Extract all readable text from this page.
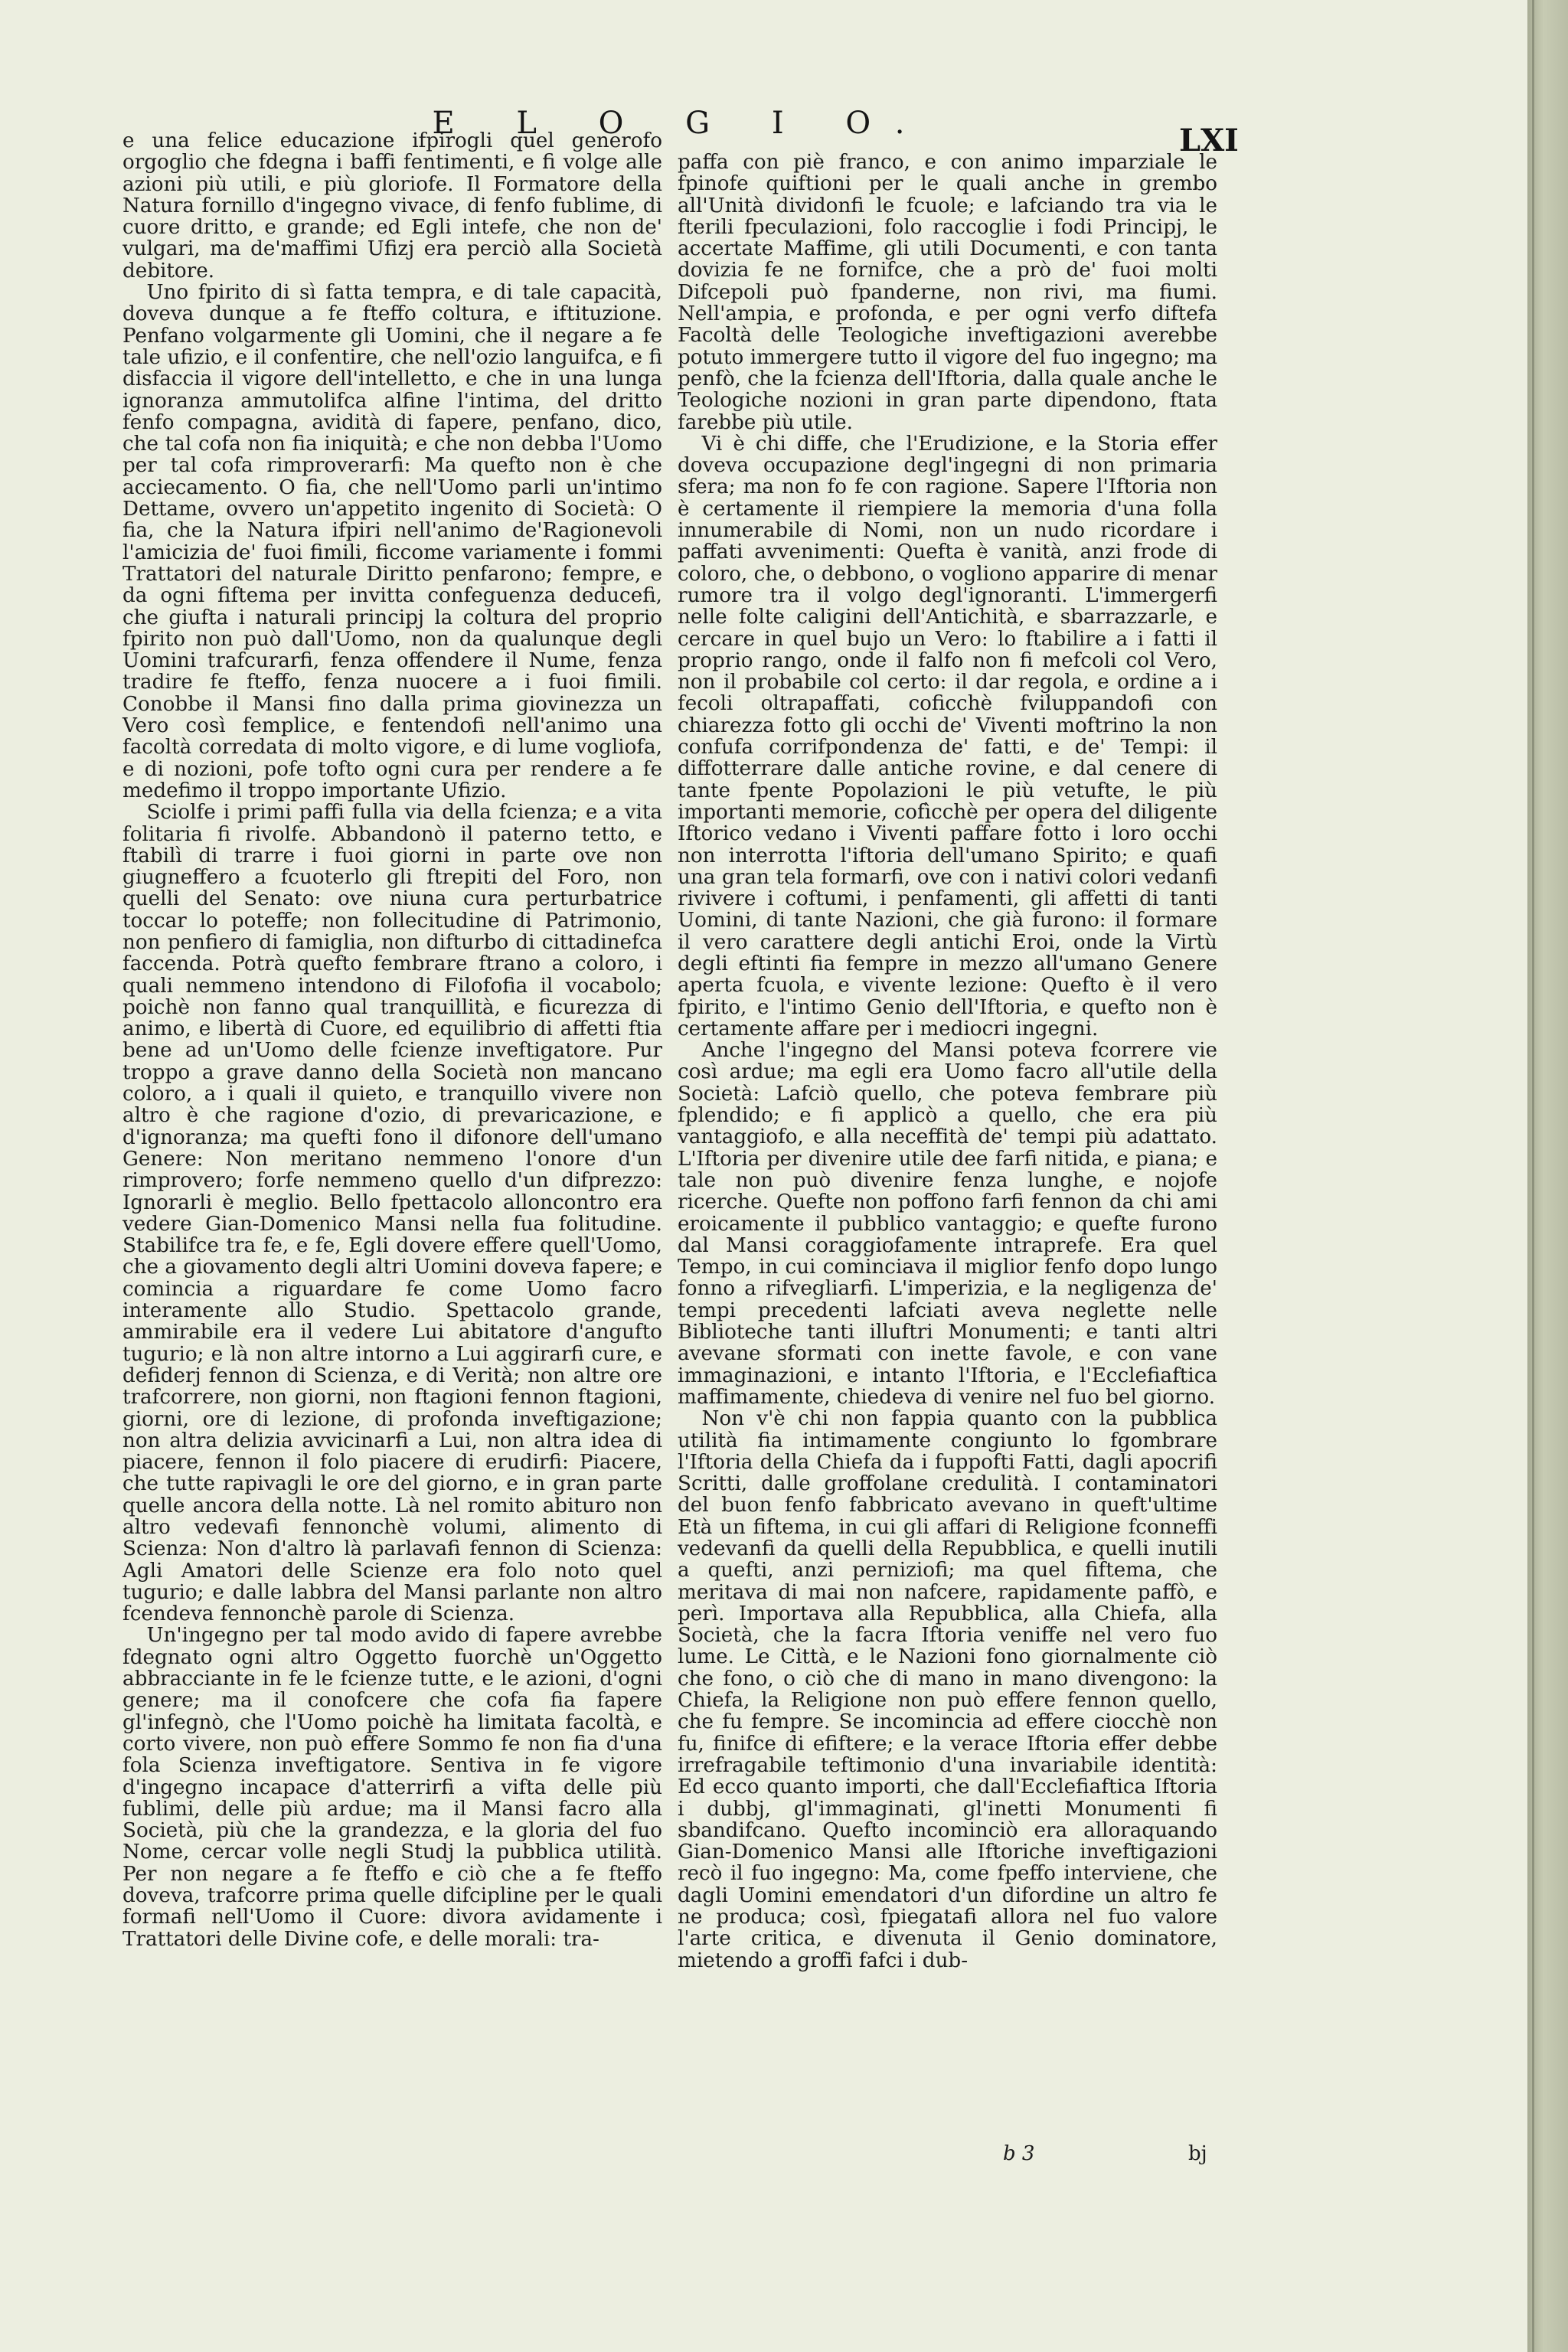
E L O G I O.	LXI

e una felice educazione ifpirogli quel generofo orgoglio che fdegna i baffi fentimenti, e fi volge alle azioni più utili, e più gloriofe. Il Formatore della Natura fornillo d'ingegno vivace, di fenfo fublime, di cuore dritto, e grande; ed Egli intefe, che non de' vulgari, ma de'maffimi Ufizj era perciò alla Società debitore.

Uno fpirito di sì fatta tempra, e di tale capacità, doveva dunque a fe fteffo coltura, e iftituzione. Penfano volgarmente gli Uomini, che il negare a fe tale ufizio, e il confentire, che nell'ozio languifca, e fi disfaccia il vigore dell'intelletto, e che in una lunga ignoranza ammutolifca alfine l'intima, del dritto fenfo compagna, avidità di fapere, penfano, dico, che tal cofa non fia iniquità; e che non debba l'Uomo per tal cofa rimproverarfi: Ma quefto non è che acciecamento. O fia, che nell'Uomo parli un'intimo Dettame, ovvero un'appetito ingenito di Società: O fia, che la Natura ifpiri nell'animo de'Ragionevoli l'amicizia de' fuoi fimili, ficcome variamente i fommi Trattatori del naturale Diritto penfarono; fempre, e da ogni fiftema per invitta confeguenza deducefi, che giufta i naturali principj la coltura del proprio fpirito non può dall'Uomo, non da qualunque degli Uomini trafcurarfi, fenza offendere il Nume, fenza tradire fe fteffo, fenza nuocere a i fuoi fimili. Conobbe il Mansi fino dalla prima giovinezza un Vero così femplice, e fentendofi nell'animo una facoltà corredata di molto vigore, e di lume vogliofa, e di nozioni, pofe tofto ogni cura per rendere a fe medefimo il troppo importante Ufizio.

Sciolfe i primi paffi fulla via della fcienza; e a vita folitaria fi rivolfe. Abbandonò il paterno tetto, e ftabilì di trarre i fuoi giorni in parte ove non giugneffero a fcuoterlo gli ftrepiti del Foro, non quelli del Senato: ove niuna cura perturbatrice toccar lo poteffe; non follecitudine di Patrimonio, non penfiero di famiglia, non difturbo di cittadinefca faccenda. Potrà quefto fembrare ftrano a coloro, i quali nemmeno intendono di Filofofia il vocabolo; poichè non fanno qual tranquillità, e ficurezza di animo, e libertà di Cuore, ed equilibrio di affetti ftia bene ad un'Uomo delle fcienze inveftigatore. Pur troppo a grave danno della Società non mancano coloro, a i quali il quieto, e tranquillo vivere non altro è che ragione d'ozio, di prevaricazione, e d'ignoranza; ma quefti fono il difonore dell'umano Genere: Non meritano nemmeno l'onore d'un rimprovero; forfe nemmeno quello d'un difprezzo: Ignorarli è meglio. Bello fpettacolo alloncontro era vedere Gian-Domenico Mansi nella fua folitudine. Stabilifce tra fe, e fe, Egli dovere effere quell'Uomo, che a giovamento degli altri Uomini doveva fapere; e comincia a riguardare fe come Uomo facro interamente allo Studio. Spettacolo grande, ammirabile era il vedere Lui abitatore d'angufto tugurio; e là non altre intorno a Lui aggirarfi cure, e defiderj fennon di Scienza, e di Verità; non altre ore trafcorrere, non giorni, non ftagioni fennon ftagioni, giorni, ore di lezione, di profonda inveftigazione; non altra delizia avvicinarfi a Lui, non altra idea di piacere, fennon il folo piacere di erudirfi: Piacere, che tutte rapivagli le ore del giorno, e in gran parte quelle ancora della notte. Là nel romito abituro non altro vedevafi fennonchè volumi, alimento di Scienza: Non d'altro là parlavafi fennon di Scienza: Agli Amatori delle Scienze era folo noto quel tugurio; e dalle labbra del Mansi parlante non altro fcendeva fennonchè parole di Scienza.

Un'ingegno per tal modo avido di fapere avrebbe fdegnato ogni altro Oggetto fuorchè un'Oggetto abbracciante in fe le fcienze tutte, e le azioni, d'ogni genere; ma il conofcere che cofa fia fapere gl'infegnò, che l'Uomo poichè ha limitata facoltà, e corto vivere, non può effere Sommo fe non fia d'una fola Scienza inveftigatore. Sentiva in fe vigore d'ingegno incapace d'atterrirfi a vifta delle più fublimi, delle più ardue; ma il Mansi facro alla Società, più che la grandezza, e la gloria del fuo Nome, cercar volle negli Studj la pubblica utilità. Per non negare a fe fteffo e ciò che a fe fteffo doveva, trafcorre prima quelle difcipline per le quali formafi nell'Uomo il Cuore: divora avidamente i Trattatori delle Divine cofe, e delle morali: tra-

paffa con piè franco, e con animo imparziale le fpinofe quiftioni per le quali anche in grembo all'Unità dividonfi le fcuole; e lafciando tra via le fterili fpeculazioni, folo raccoglie i fodi Principj, le accertate Maffime, gli utili Documenti, e con tanta dovizia fe ne fornifce, che a prò de' fuoi molti Difcepoli può fpanderne, non rivi, ma fiumi. Nell'ampia, e profonda, e per ogni verfo diftefa Facoltà delle Teologiche inveftigazioni averebbe potuto immergere tutto il vigore del fuo ingegno; ma penfò, che la fcienza dell'Iftoria, dalla quale anche le Teologiche nozioni in gran parte dipendono, ftata farebbe più utile.

Vi è chi diffe, che l'Erudizione, e la Storia effer doveva occupazione degl'ingegni di non primaria sfera; ma non fo fe con ragione. Sapere l'Iftoria non è certamente il riempiere la memoria d'una folla innumerabile di Nomi, non un nudo ricordare i paffati avvenimenti: Quefta è vanità, anzi frode di coloro, che, o debbono, o vogliono apparire di menar rumore tra il volgo degl'ignoranti. L'immergerfi nelle folte caligini dell'Antichità, e sbarrazzarle, e cercare in quel bujo un Vero: lo ftabilire a i fatti il proprio rango, onde il falfo non fi mefcoli col Vero, non il probabile col certo: il dar regola, e ordine a i fecoli oltrapaffati, coficchè fviluppandofi con chiarezza fotto gli occhi de' Viventi moftrino la non confufa corrifpondenza de' fatti, e de' Tempi: il diffotterrare dalle antiche rovine, e dal cenere di tante fpente Popolazioni le più vetufte, le più importanti memorie, cofìcchè per opera del diligente Iftorico vedano i Viventi paffare fotto i loro occhi non interrotta l'iftoria dell'umano Spirito; e quafi una gran tela formarfi, ove con i nativi colori vedanfi rivivere i coftumi, i penfamenti, gli affetti di tanti Uomini, di tante Nazioni, che già furono: il formare il vero carattere degli antichi Eroi, onde la Virtù degli eftinti fia fempre in mezzo all'umano Genere aperta fcuola, e vivente lezione: Quefto è il vero fpirito, e l'intimo Genio dell'Iftoria, e quefto non è certamente affare per i mediocri ingegni.

Anche l'ingegno del Mansi poteva fcorrere vie così ardue; ma egli era Uomo facro all'utile della Società: Lafciò quello, che poteva fembrare più fplendido; e fi applicò a quello, che era più vantaggiofo, e alla neceffità de' tempi più adattato. L'Iftoria per divenire utile dee farfi nitida, e piana; e tale non può divenire fenza lunghe, e nojofe ricerche. Quefte non poffono farfi fennon da chi ami eroicamente il pubblico vantaggio; e quefte furono dal Mansi coraggiofamente intraprefe. Era quel Tempo, in cui cominciava il miglior fenfo dopo lungo fonno a rifvegliarfi. L'imperizia, e la negligenza de' tempi precedenti lafciati aveva neglette nelle Biblioteche tanti illuftri Monumenti; e tanti altri avevane sformati con inette favole, e con vane immaginazioni, e intanto l'Iftoria, e l'Ecclefiaftica maffimamente, chiedeva di venire nel fuo bel giorno.

Non v'è chi non fappia quanto con la pubblica utilità fia intimamente congiunto lo fgombrare l'Iftoria della Chiefa da i fuppofti Fatti, dagli apocrifi Scritti, dalle groffolane credulità. I contaminatori del buon fenfo fabbricato avevano in queft'ultime Età un fiftema, in cui gli affari di Religione fconneffi vedevanfi da quelli della Repubblica, e quelli inutili a quefti, anzi perniziofi; ma quel fiftema, che meritava di mai non nafcere, rapidamente paffò, e perì. Importava alla Repubblica, alla Chiefa, alla Società, che la facra Iftoria veniffe nel vero fuo lume. Le Città, e le Nazioni fono giornalmente ciò che fono, o ciò che di mano in mano divengono: la Chiefa, la Religione non può effere fennon quello, che fu fempre. Se incomincia ad effere ciocchè non fu, finifce di efiftere; e la verace Iftoria effer debbe irrefragabile teftimonio d'una invariabile identità: Ed ecco quanto importi, che dall'Ecclefiaftica Iftoria i dubbj, gl'immaginati, gl'inetti Monumenti fi sbandifcano. Quefto incominciò era alloraquando Gian-Domenico Mansi alle Iftoriche inveftigazioni recò il fuo ingegno: Ma, come fpeffo interviene, che dagli Uomini emendatori d'un difordine un altro fe ne produca; così, fpiegatafi allora nel fuo valore l'arte critica, e divenuta il Genio dominatore, mietendo a groffi fafci i dub-

b 3	bj
